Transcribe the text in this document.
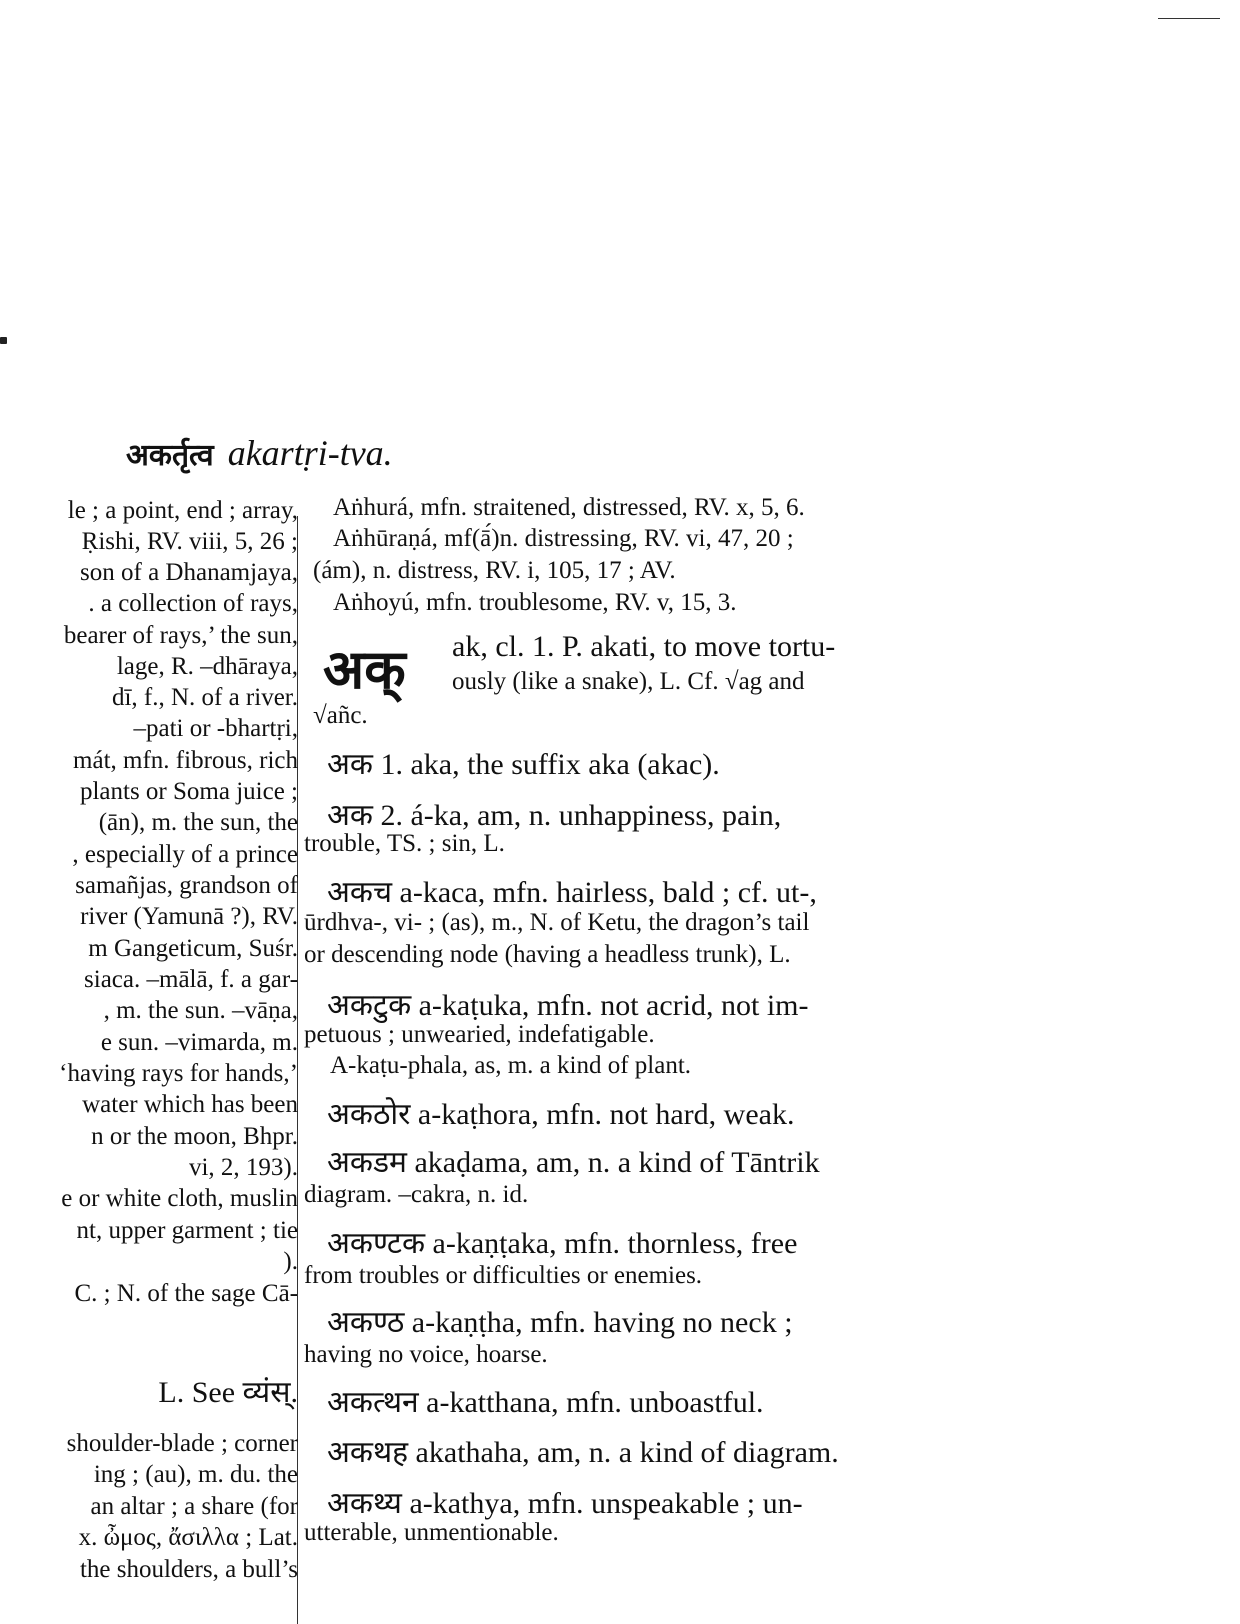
अकर्तृत्व akartṛi-tva.
le ; a point, end ; array,
Ṛishi, RV. viii, 5, 26 ;
son of a Dhanamjaya,
. a collection of rays,
bearer of rays,’ the sun,
lage, R. –dhāraya,
dī, f., N. of a river.
–pati or -bhartṛi,
mát, mfn. fibrous, rich
plants or Soma juice ;
(ān), m. the sun, the
, especially of a prince
samañjas, grandson of
river (Yamunā ?), RV.
m Gangeticum, Suśr.
siaca. –mālā, f. a gar-
, m. the sun. –vāṇa,
e sun. –vimarda, m.
‘having rays for hands,’
water which has been
n or the moon, Bhpr.
vi, 2, 193).
e or white cloth, muslin
nt, upper garment ; tie
).
C. ; N. of the sage Cā-
L. See व्यंस्.
shoulder-blade ; corner
ing ; (au), m. du. the
an altar ; a share (for
x. ὦμος, ἄσιλλα ; Lat.
the shoulders, a bull’s
Aṅhurá, mfn. straitened, distressed, RV. x, 5, 6.
Aṅhūraṇá, mf(ā́)n. distressing, RV. vi, 47, 20 ;
(ám), n. distress, RV. i, 105, 17 ; AV.
Aṅhoyú, mfn. troublesome, RV. v, 15, 3.
अक् ak, cl. 1. P. akati, to move tortu-
ously (like a snake), L. Cf. √ag and
√añc.
अक 1. aka, the suffix aka (akac).
अक 2. á-ka, am, n. unhappiness, pain,
trouble, TS. ; sin, L.
अकच a-kaca, mfn. hairless, bald ; cf. ut-,
ūrdhva-, vi- ; (as), m., N. of Ketu, the dragon’s tail
or descending node (having a headless trunk), L.
अकटुक a-kaṭuka, mfn. not acrid, not im-
petuous ; unwearied, indefatigable.
A-kaṭu-phala, as, m. a kind of plant.
अकठोर a-kaṭhora, mfn. not hard, weak.
अकडम akaḍama, am, n. a kind of Tāntrik
diagram. –cakra, n. id.
अकण्टक a-kaṇṭaka, mfn. thornless, free
from troubles or difficulties or enemies.
अकण्ठ a-kaṇṭha, mfn. having no neck ;
having no voice, hoarse.
अकत्थन a-katthana, mfn. unboastful.
अकथह akathaha, am, n. a kind of diagram.
अकथ्य a-kathya, mfn. unspeakable ; un-
utterable, unmentionable.
